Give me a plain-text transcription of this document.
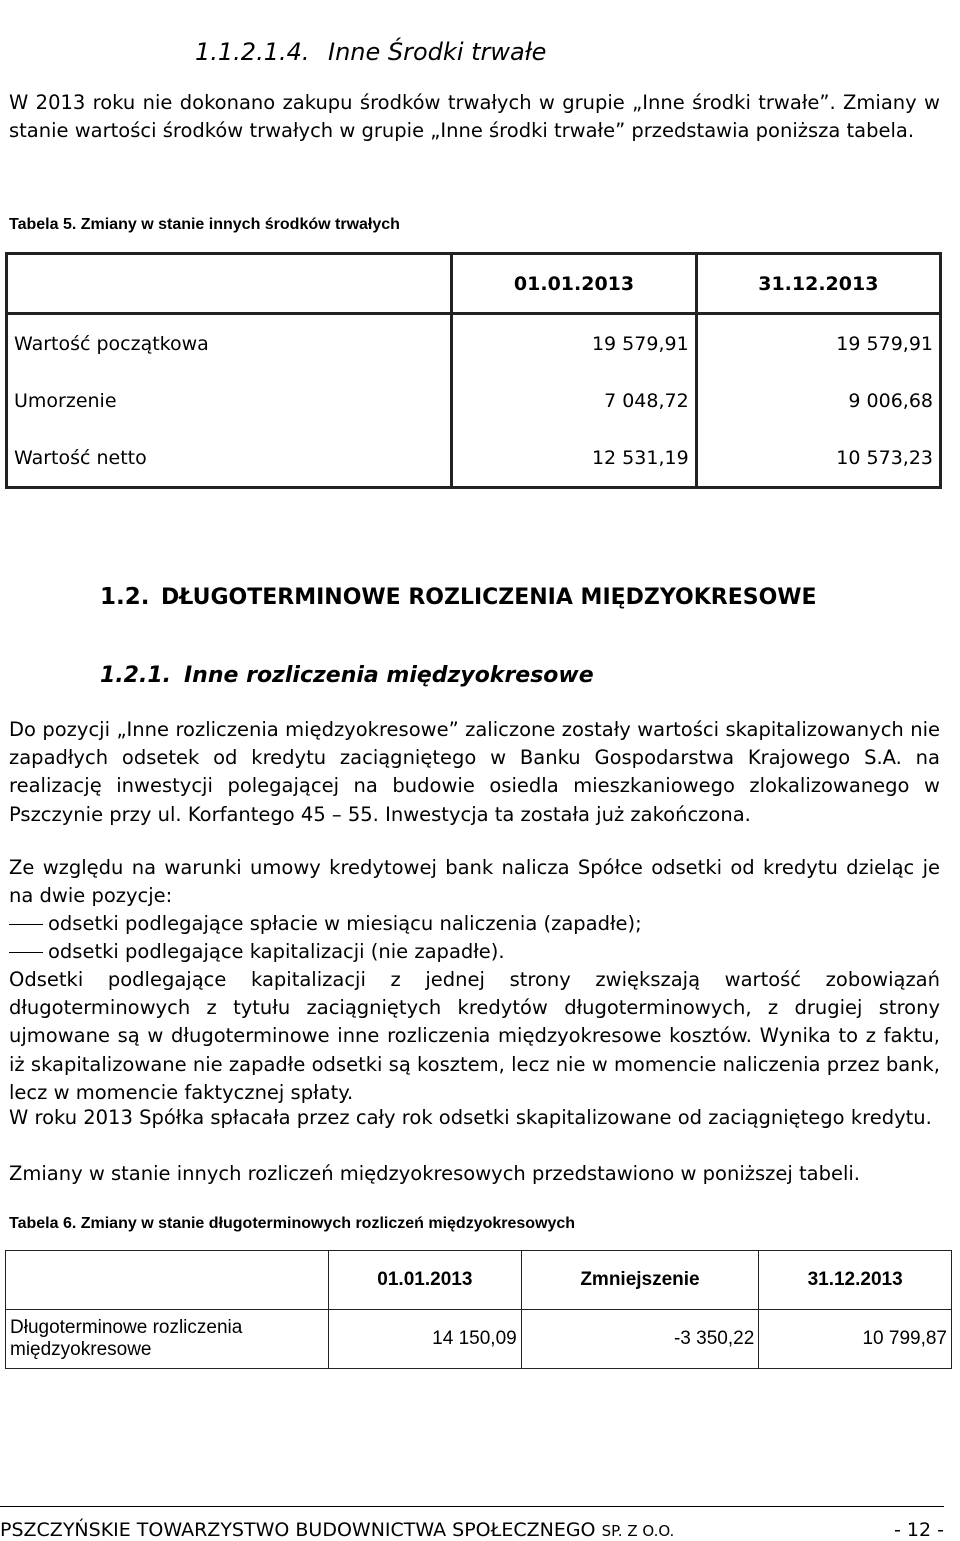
1.1.2.1.4. Inne Środki trwałe
W 2013 roku nie dokonano zakupu środków trwałych w grupie „Inne środki trwałe”. Zmiany w stanie wartości środków trwałych w grupie „Inne środki trwałe” przedstawia poniższa tabela.
Tabela 5. Zmiany w stanie innych środków trwałych
	01.01.2013	31.12.2013
Wartość początkowa	19 579,91	19 579,91
Umorzenie	7 048,72	9 006,68
Wartość netto	12 531,19	10 573,23
1.2. DŁUGOTERMINOWE ROZLICZENIA MIĘDZYOKRESOWE
1.2.1. Inne rozliczenia międzyokresowe
Do pozycji „Inne rozliczenia międzyokresowe” zaliczone zostały wartości skapitalizowanych nie zapadłych odsetek od kredytu zaciągniętego w Banku Gospodarstwa Krajowego S.A. na realizację inwestycji polegającej na budowie osiedla mieszkaniowego zlokalizowanego w Pszczynie przy ul. Korfantego 45 – 55. Inwestycja ta została już zakończona.
Ze względu na warunki umowy kredytowej bank nalicza Spółce odsetki od kredytu dzieląc je na dwie pozycje:
odsetki podlegające spłacie w miesiącu naliczenia (zapadłe);
odsetki podlegające kapitalizacji (nie zapadłe).
Odsetki podlegające kapitalizacji z jednej strony zwiększają wartość zobowiązań długoterminowych z tytułu zaciągniętych kredytów długoterminowych, z drugiej strony ujmowane są w długoterminowe inne rozliczenia międzyokresowe kosztów. Wynika to z faktu, iż skapitalizowane nie zapadłe odsetki są kosztem, lecz nie w momencie naliczenia przez bank, lecz w momencie faktycznej spłaty.
W roku 2013 Spółka spłacała przez cały rok odsetki skapitalizowane od zaciągniętego kredytu.
Zmiany w stanie innych rozliczeń międzyokresowych przedstawiono w poniższej tabeli.
Tabela 6. Zmiany w stanie długoterminowych rozliczeń międzyokresowych
	01.01.2013	Zmniejszenie	31.12.2013
Długoterminowe rozliczenia międzyokresowe	14 150,09	-3 350,22	10 799,87
PSZCZYŃSKIE TOWARZYSTWO BUDOWNICTWA SPOŁECZNEGO SP. Z O.O.	- 12 -
